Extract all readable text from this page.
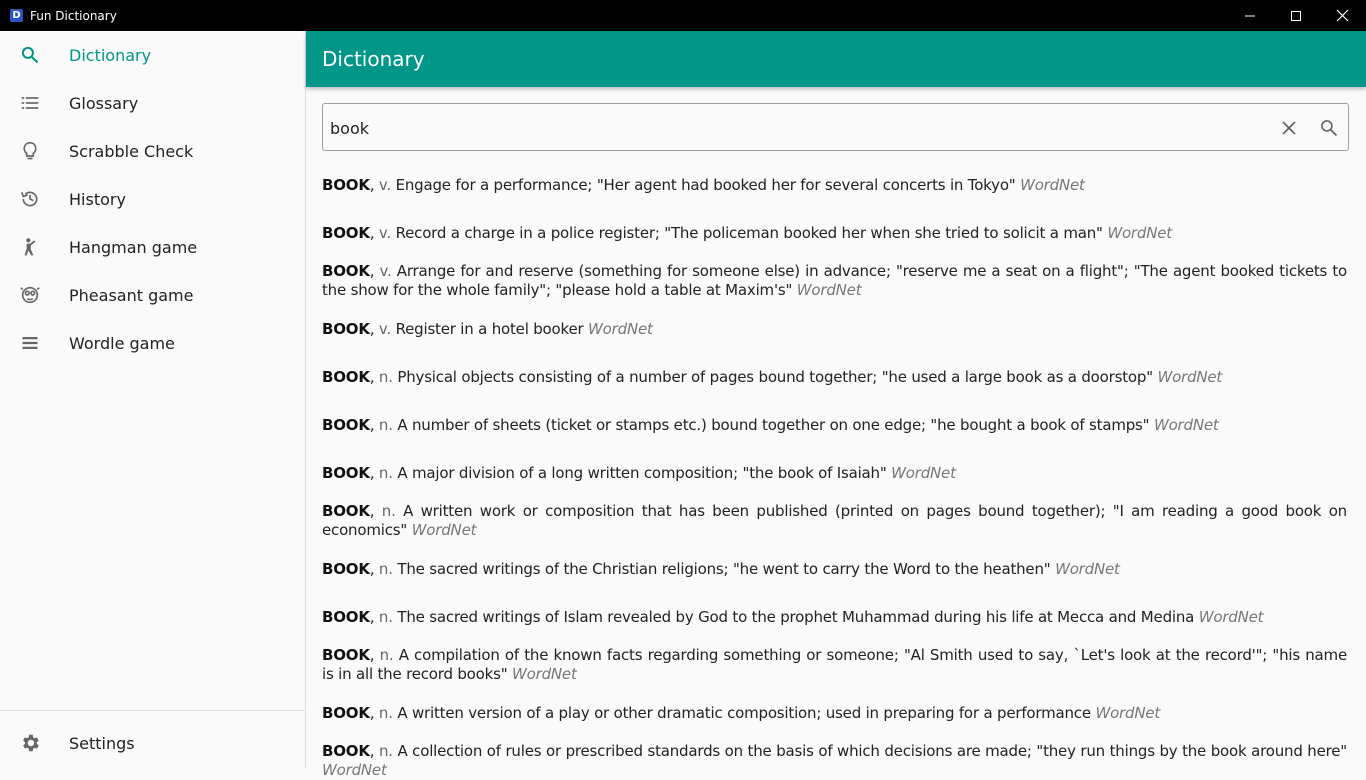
D Fun Dictionary
Dictionary
Glossary
Scrabble Check
History
Hangman game
Pheasant game
Wordle game
Settings
Dictionary
book
BOOK, v. Engage for a performance; "Her agent had booked her for several concerts in Tokyo" WordNet
BOOK, v. Record a charge in a police register; "The policeman booked her when she tried to solicit a man" WordNet
BOOK, v. Arrange for and reserve (something for someone else) in advance; "reserve me a seat on a flight"; "The agent booked tickets to the show for the whole family"; "please hold a table at Maxim's" WordNet
BOOK, v. Register in a hotel booker WordNet
BOOK, n. Physical objects consisting of a number of pages bound together; "he used a large book as a doorstop" WordNet
BOOK, n. A number of sheets (ticket or stamps etc.) bound together on one edge; "he bought a book of stamps" WordNet
BOOK, n. A major division of a long written composition; "the book of Isaiah" WordNet
BOOK, n. A written work or composition that has been published (printed on pages bound together); "I am reading a good book on economics" WordNet
BOOK, n. The sacred writings of the Christian religions; "he went to carry the Word to the heathen" WordNet
BOOK, n. The sacred writings of Islam revealed by God to the prophet Muhammad during his life at Mecca and Medina WordNet
BOOK, n. A compilation of the known facts regarding something or someone; "Al Smith used to say, `Let's look at the record'"; "his name is in all the record books" WordNet
BOOK, n. A written version of a play or other dramatic composition; used in preparing for a performance WordNet
BOOK, n. A collection of rules or prescribed standards on the basis of which decisions are made; "they run things by the book around here" WordNet
